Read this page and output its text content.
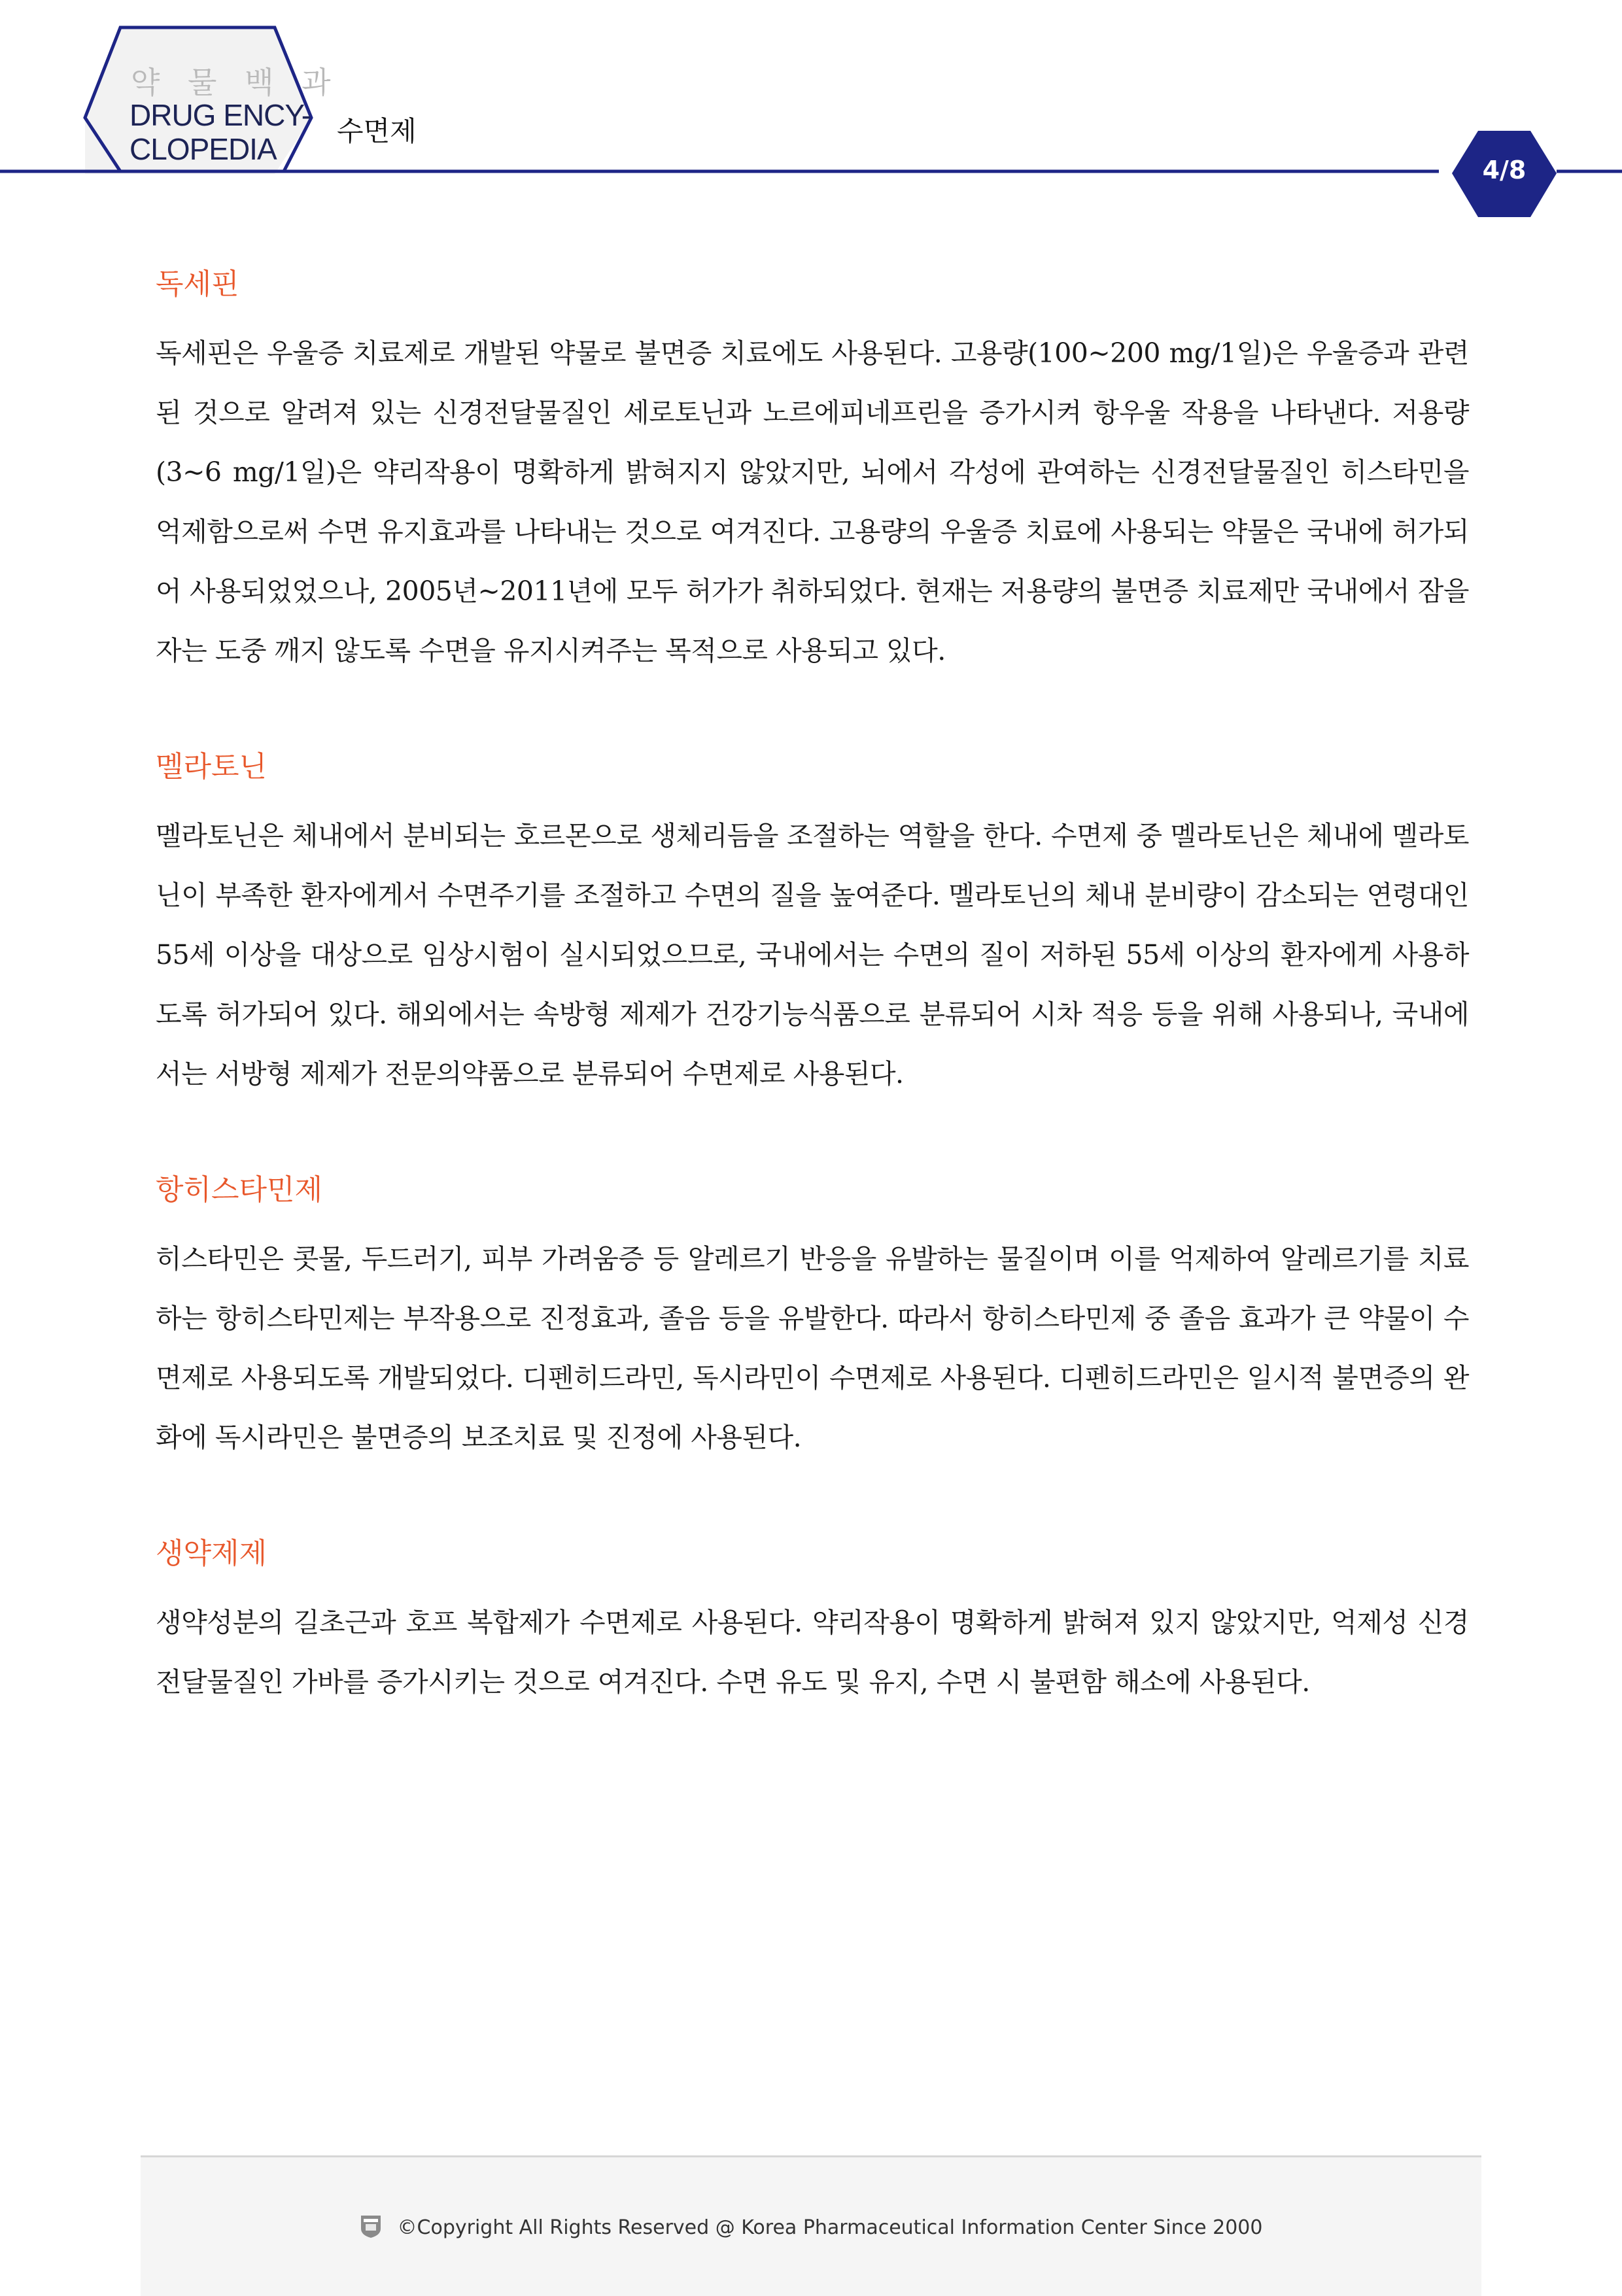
약 물 백 과
DRUG ENCY-
CLOPEDIA
수면제
4/8
독세핀

독세핀은 우울증 치료제로 개발된 약물로 불면증 치료에도 사용된다. 고용량(100~200 mg/1일)은 우울증과 관련된 것으로 알려져 있는 신경전달물질인 세로토닌과 노르에피네프린을 증가시켜 항우울 작용을 나타낸다. 저용량(3~6 mg/1일)은 약리작용이 명확하게 밝혀지지 않았지만, 뇌에서 각성에 관여하는 신경전달물질인 히스타민을 억제함으로써 수면 유지효과를 나타내는 것으로 여겨진다. 고용량의 우울증 치료에 사용되는 약물은 국내에 허가되어 사용되었었으나, 2005년~2011년에 모두 허가가 취하되었다. 현재는 저용량의 불면증 치료제만 국내에서 잠을 자는 도중 깨지 않도록 수면을 유지시켜주는 목적으로 사용되고 있다.

멜라토닌

멜라토닌은 체내에서 분비되는 호르몬으로 생체리듬을 조절하는 역할을 한다. 수면제 중 멜라토닌은 체내에 멜라토닌이 부족한 환자에게서 수면주기를 조절하고 수면의 질을 높여준다. 멜라토닌의 체내 분비량이 감소되는 연령대인 55세 이상을 대상으로 임상시험이 실시되었으므로, 국내에서는 수면의 질이 저하된 55세 이상의 환자에게 사용하도록 허가되어 있다. 해외에서는 속방형 제제가 건강기능식품으로 분류되어 시차 적응 등을 위해 사용되나, 국내에서는 서방형 제제가 전문의약품으로 분류되어 수면제로 사용된다.

항히스타민제

히스타민은 콧물, 두드러기, 피부 가려움증 등 알레르기 반응을 유발하는 물질이며 이를 억제하여 알레르기를 치료하는 항히스타민제는 부작용으로 진정효과, 졸음 등을 유발한다. 따라서 항히스타민제 중 졸음 효과가 큰 약물이 수면제로 사용되도록 개발되었다. 디펜히드라민, 독시라민이 수면제로 사용된다. 디펜히드라민은 일시적 불면증의 완화에 독시라민은 불면증의 보조치료 및 진정에 사용된다.

생약제제

생약성분의 길초근과 호프 복합제가 수면제로 사용된다. 약리작용이 명확하게 밝혀져 있지 않았지만, 억제성 신경전달물질인 가바를 증가시키는 것으로 여겨진다. 수면 유도 및 유지, 수면 시 불편함 해소에 사용된다.

©Copyright All Rights Reserved @ Korea Pharmaceutical Information Center Since 2000
